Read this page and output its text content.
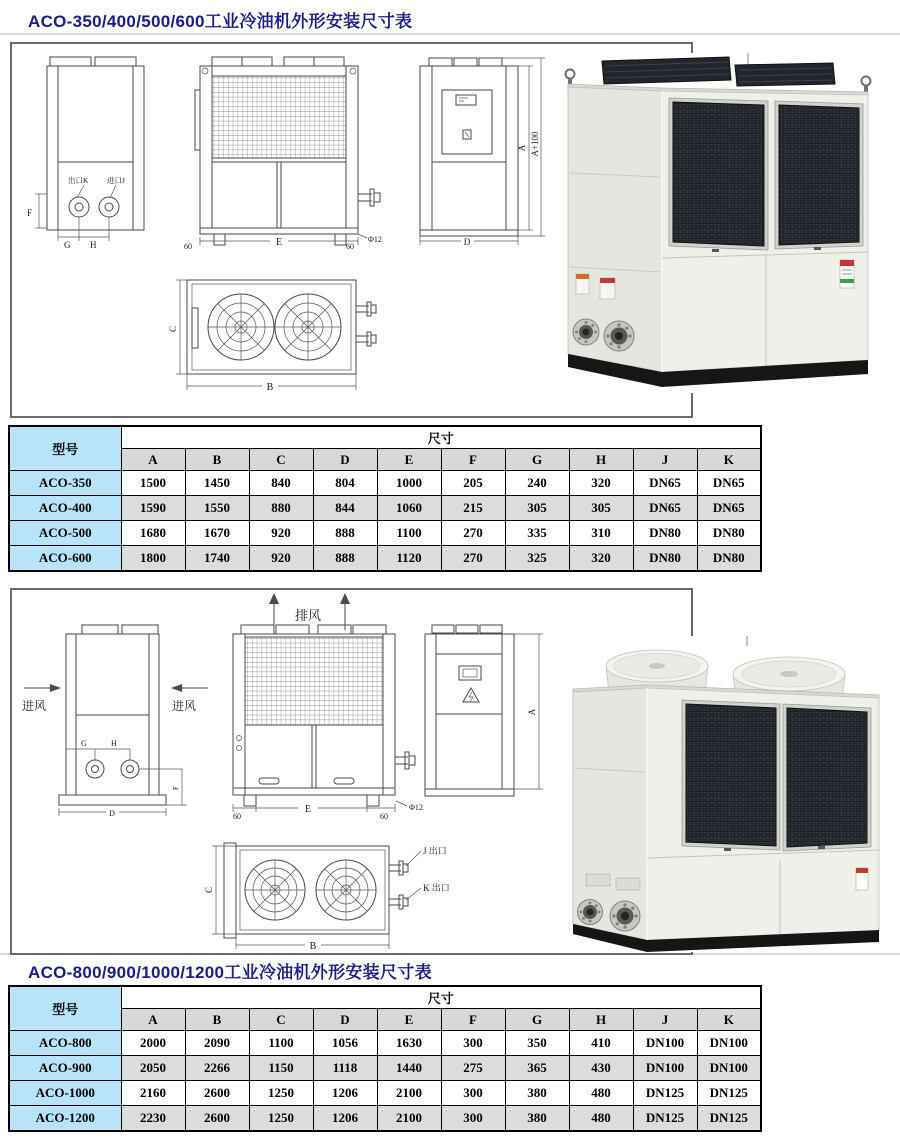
ACO-350/400/500/600工业冷油机外形安装尺寸表
出口K 进口J
F
G H	60	E	60
Φ12	D
A A+100
C
B
型号	尺寸									
	A	B	C	D	E	F	G	H	J	K
ACO-350	1500	1450	840	804	1000	205	240	320	DN65	DN65
ACO-400	1590	1550	880	844	1060	215	305	305	DN65	DN65
ACO-500	1680	1670	920	888	1100	270	335	310	DN80	DN80
ACO-600	1800	1740	920	888	1120	270	325	320	DN80	DN80
排风
G	H
F
D
进风	进风
60
E
60
Φ12
A
C
B
J 出口
K 出口
ACO-800/900/1000/1200工业冷油机外形安装尺寸表
型号	尺寸									
	A	B	C	D	E	F	G	H	J	K
ACO-800	2000	2090	1100	1056	1630	300	350	410	DN100	DN100
ACO-900	2050	2266	1150	1118	1440	275	365	430	DN100	DN100
ACO-1000	2160	2600	1250	1206	2100	300	380	480	DN125	DN125
ACO-1200	2230	2600	1250	1206	2100	300	380	480	DN125	DN125
